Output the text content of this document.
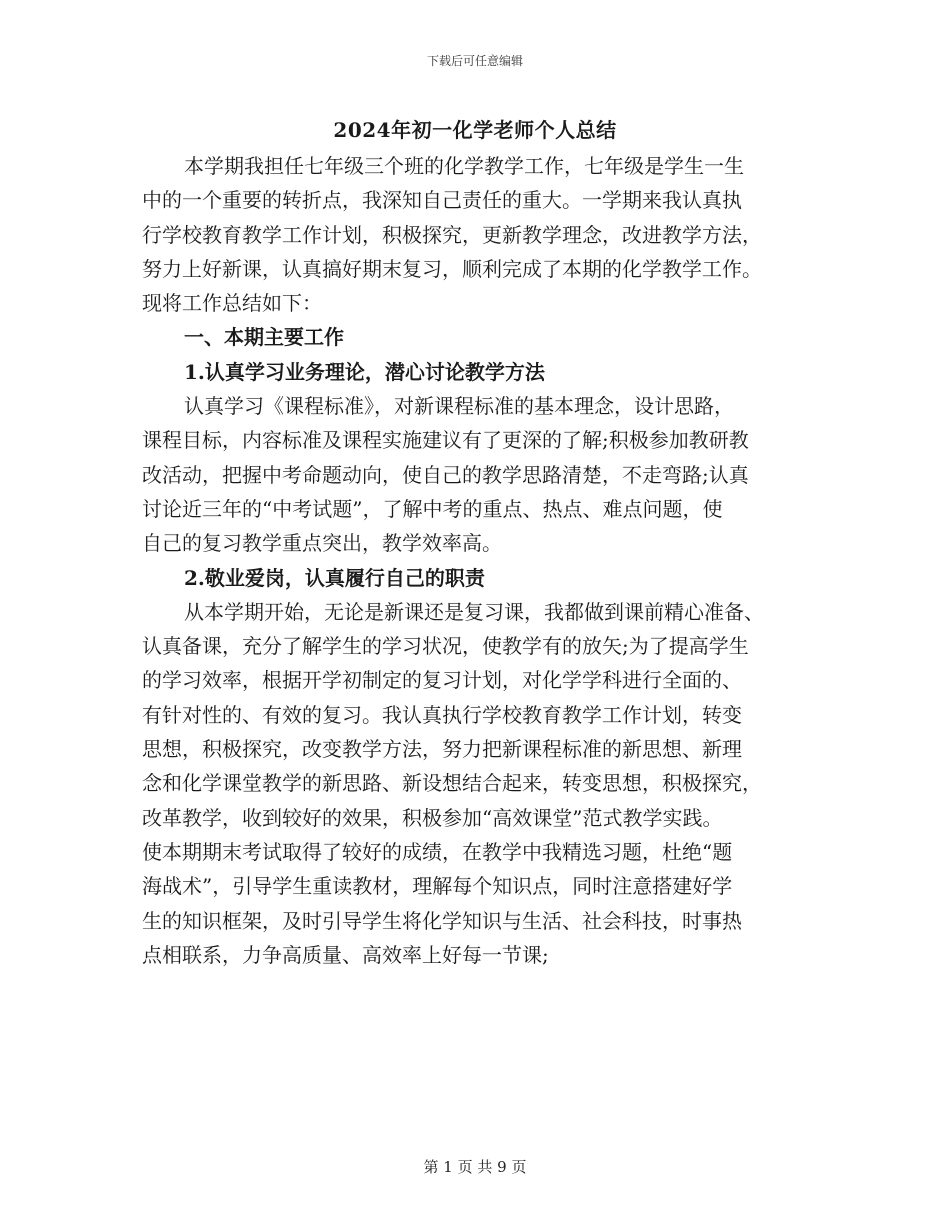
下载后可任意编辑
2024年初一化学老师个人总结
本学期我担任七年级三个班的化学教学工作，七年级是学生一生
中的一个重要的转折点，我深知自己责任的重大。一学期来我认真执
行学校教育教学工作计划，积极探究，更新教学理念，改进教学方法，
努力上好新课，认真搞好期末复习，顺利完成了本期的化学教学工作。
现将工作总结如下：
一、本期主要工作
1.认真学习业务理论，潜心讨论教学方法
认真学习《课程标准》，对新课程标准的基本理念，设计思路，
课程目标，内容标准及课程实施建议有了更深的了解;积极参加教研教
改活动，把握中考命题动向，使自己的教学思路清楚，不走弯路;认真
讨论近三年的“中考试题”，了解中考的重点、热点、难点问题，使
自己的复习教学重点突出，教学效率高。
2.敬业爱岗，认真履行自己的职责
从本学期开始，无论是新课还是复习课，我都做到课前精心准备、
认真备课，充分了解学生的学习状况，使教学有的放矢;为了提高学生
的学习效率，根据开学初制定的复习计划，对化学学科进行全面的、
有针对性的、有效的复习。我认真执行学校教育教学工作计划，转变
思想，积极探究，改变教学方法，努力把新课程标准的新思想、新理
念和化学课堂教学的新思路、新设想结合起来，转变思想，积极探究，
改革教学，收到较好的效果，积极参加“高效课堂”范式教学实践。
使本期期末考试取得了较好的成绩，在教学中我精选习题，杜绝“题
海战术”，引导学生重读教材，理解每个知识点，同时注意搭建好学
生的知识框架，及时引导学生将化学知识与生活、社会科技，时事热
点相联系，力争高质量、高效率上好每一节课;
第 1 页 共 9 页
